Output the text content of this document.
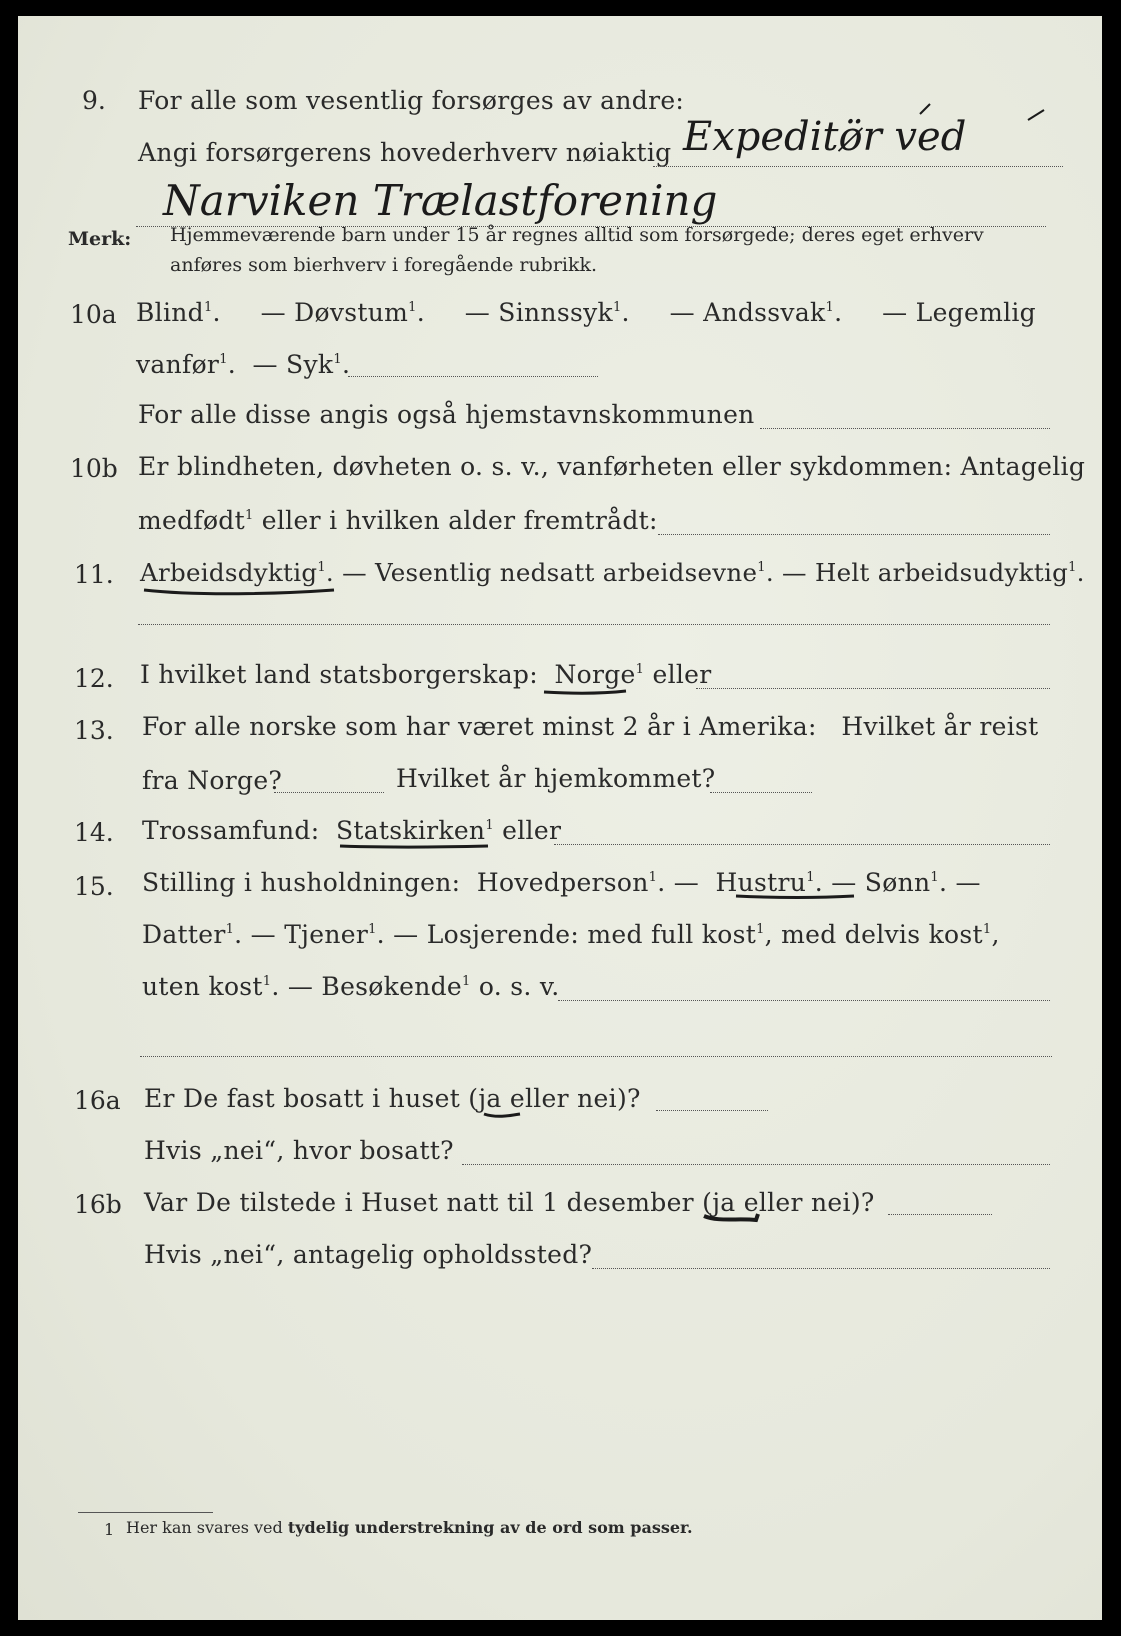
9. For alle som vesentlig forsørges av andre:
Angi forsørgerens hovederhverv nøiaktig Expeditø̈r ved
Narviken Trælastforening
Merk: Hjemmeværende barn under 15 år regnes alltid som forsørgede; deres eget erhverv
anføres som bierhverv i foregående rubrikk.
10a Blind$^1$. — Døvstum$^1$. — Sinnssyk$^1$. — Andssvak$^1$. — Legemlig
vanfør$^1$.  — Syk$^1$.
For alle disse angis også hjemstavnskommunen
10b Er blindheten, døvheten o. s. v., vanførheten eller sykdommen: Antagelig
medfødt$^1$ eller i hvilken alder fremtrådt:
11. Arbeidsdyktig$^1$. — Vesentlig nedsatt arbeidsevne$^1$. — Helt arbeidsudyktig$^1$.
12. I hvilket land statsborgerskap: Norge$^1$ eller
13. For alle norske som har været minst 2 år i Amerika:   Hvilket år reist
fra Norge?	Hvilket år hjemkommet?
14. Trossamfund: Statskirken$^1$ eller
15. Stilling i husholdningen: Hovedperson$^1$. — Hustru$^1$. — Sønn$^1$. —
Datter$^1$. — Tjener$^1$. — Losjerende: med full kost$^1$, med delvis kost$^1$,
uten kost$^1$. — Besøkende$^1$ o. s. v.
16a Er De fast bosatt i huset (ja eller nei)?
Hvis „nei“, hvor bosatt?
16b Var De tilstede i Huset natt til 1 desember (ja eller nei)?
Hvis „nei“, antagelig opholdssted?
1 Her kan svares ved tydelig understrekning av de ord som passer.
